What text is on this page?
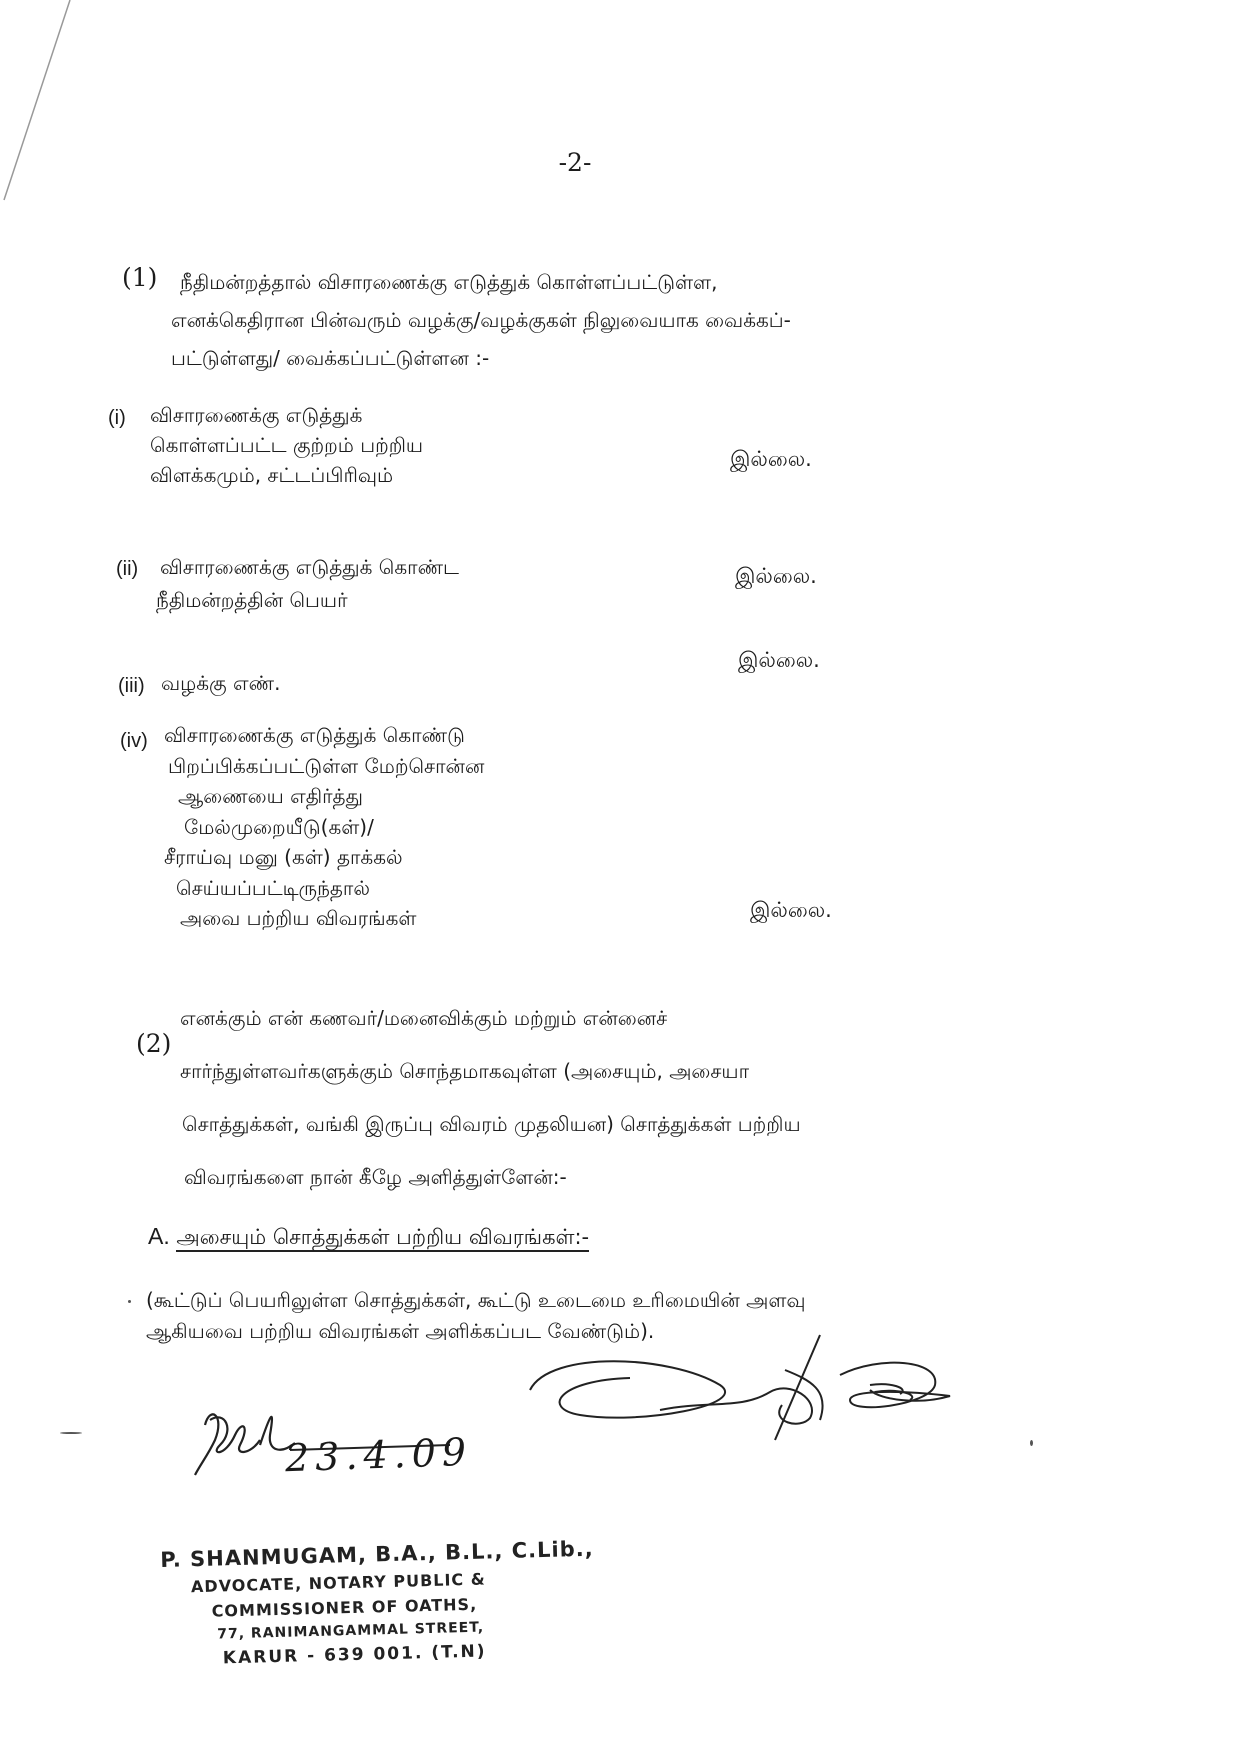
-2-
(1) நீதிமன்றத்தால் விசாரணைக்கு எடுத்துக் கொள்ளப்பட்டுள்ள,
எனக்கெதிரான பின்வரும் வழக்கு/வழக்குகள் நிலுவையாக வைக்கப்-
பட்டுள்ளது/ வைக்கப்பட்டுள்ளன :-
(i) விசாரணைக்கு எடுத்துக்
கொள்ளப்பட்ட குற்றம் பற்றிய
விளக்கமும், சட்டப்பிரிவும்
இல்லை.
(ii) விசாரணைக்கு எடுத்துக் கொண்ட
நீதிமன்றத்தின் பெயர்
இல்லை.
(iii) வழக்கு எண்.
இல்லை.
(iv) விசாரணைக்கு எடுத்துக் கொண்டு
பிறப்பிக்கப்பட்டுள்ள மேற்சொன்ன
ஆணையை எதிர்த்து
மேல்முறையீடு(கள்)/
சீராய்வு மனு (கள்) தாக்கல்
செய்யப்பட்டிருந்தால்
அவை பற்றிய விவரங்கள்	இல்லை.
(2)
எனக்கும் என் கணவர்/மனைவிக்கும் மற்றும் என்னைச்
சார்ந்துள்ளவர்களுக்கும் சொந்தமாகவுள்ள (அசையும், அசையா
சொத்துக்கள், வங்கி இருப்பு விவரம் முதலியன) சொத்துக்கள் பற்றிய
விவரங்களை நான் கீழே அளித்துள்ளேன்:-
A. அசையும் சொத்துக்கள் பற்றிய விவரங்கள்:-
(கூட்டுப் பெயரிலுள்ள சொத்துக்கள், கூட்டு உடைமை உரிமையின் அளவு
ஆகியவை பற்றிய விவரங்கள் அளிக்கப்பட வேண்டும்).
23.4.09
P. SHANMUGAM, B.A., B.L., C.Lib.,
ADVOCATE, NOTARY PUBLIC &
COMMISSIONER OF OATHS,
77, RANIMANGAMMAL STREET,
KARUR - 639 001. (T.N)
